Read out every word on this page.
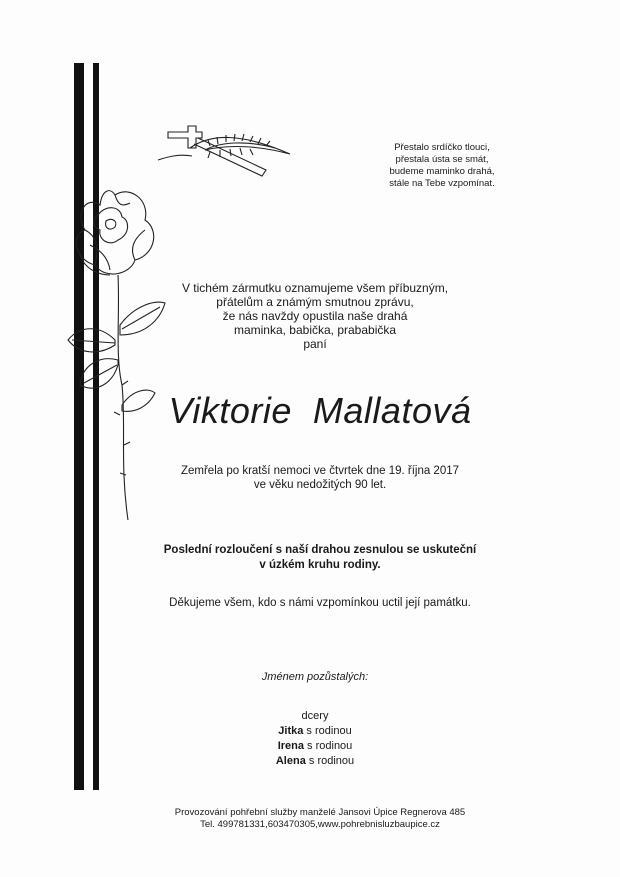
Přestalo srdíčko tlouci,
přestala ústa se smát,
budeme maminko drahá,
stále na Tebe vzpomínat.
V tichém zármutku oznamujeme všem příbuzným,
přátelům a známým smutnou zprávu,
že nás navždy opustila naše drahá
maminka, babička, prababička
paní
Viktorie  Mallatová
Zemřela po kratší nemoci ve čtvrtek dne 19. října 2017
ve věku nedožitých 90 let.
Poslední rozloučení s naší drahou zesnulou se uskuteční
v úzkém kruhu rodiny.
Děkujeme všem, kdo s námi vzpomínkou uctil její památku.
Jménem pozůstalých:
dcery
Jitka s rodinou
Irena s rodinou
Alena s rodinou
Provozování pohřební služby manželé Jansovi Úpice Regnerova 485
Tel. 499781331,603470305,www.pohrebnisluzbaupice.cz
